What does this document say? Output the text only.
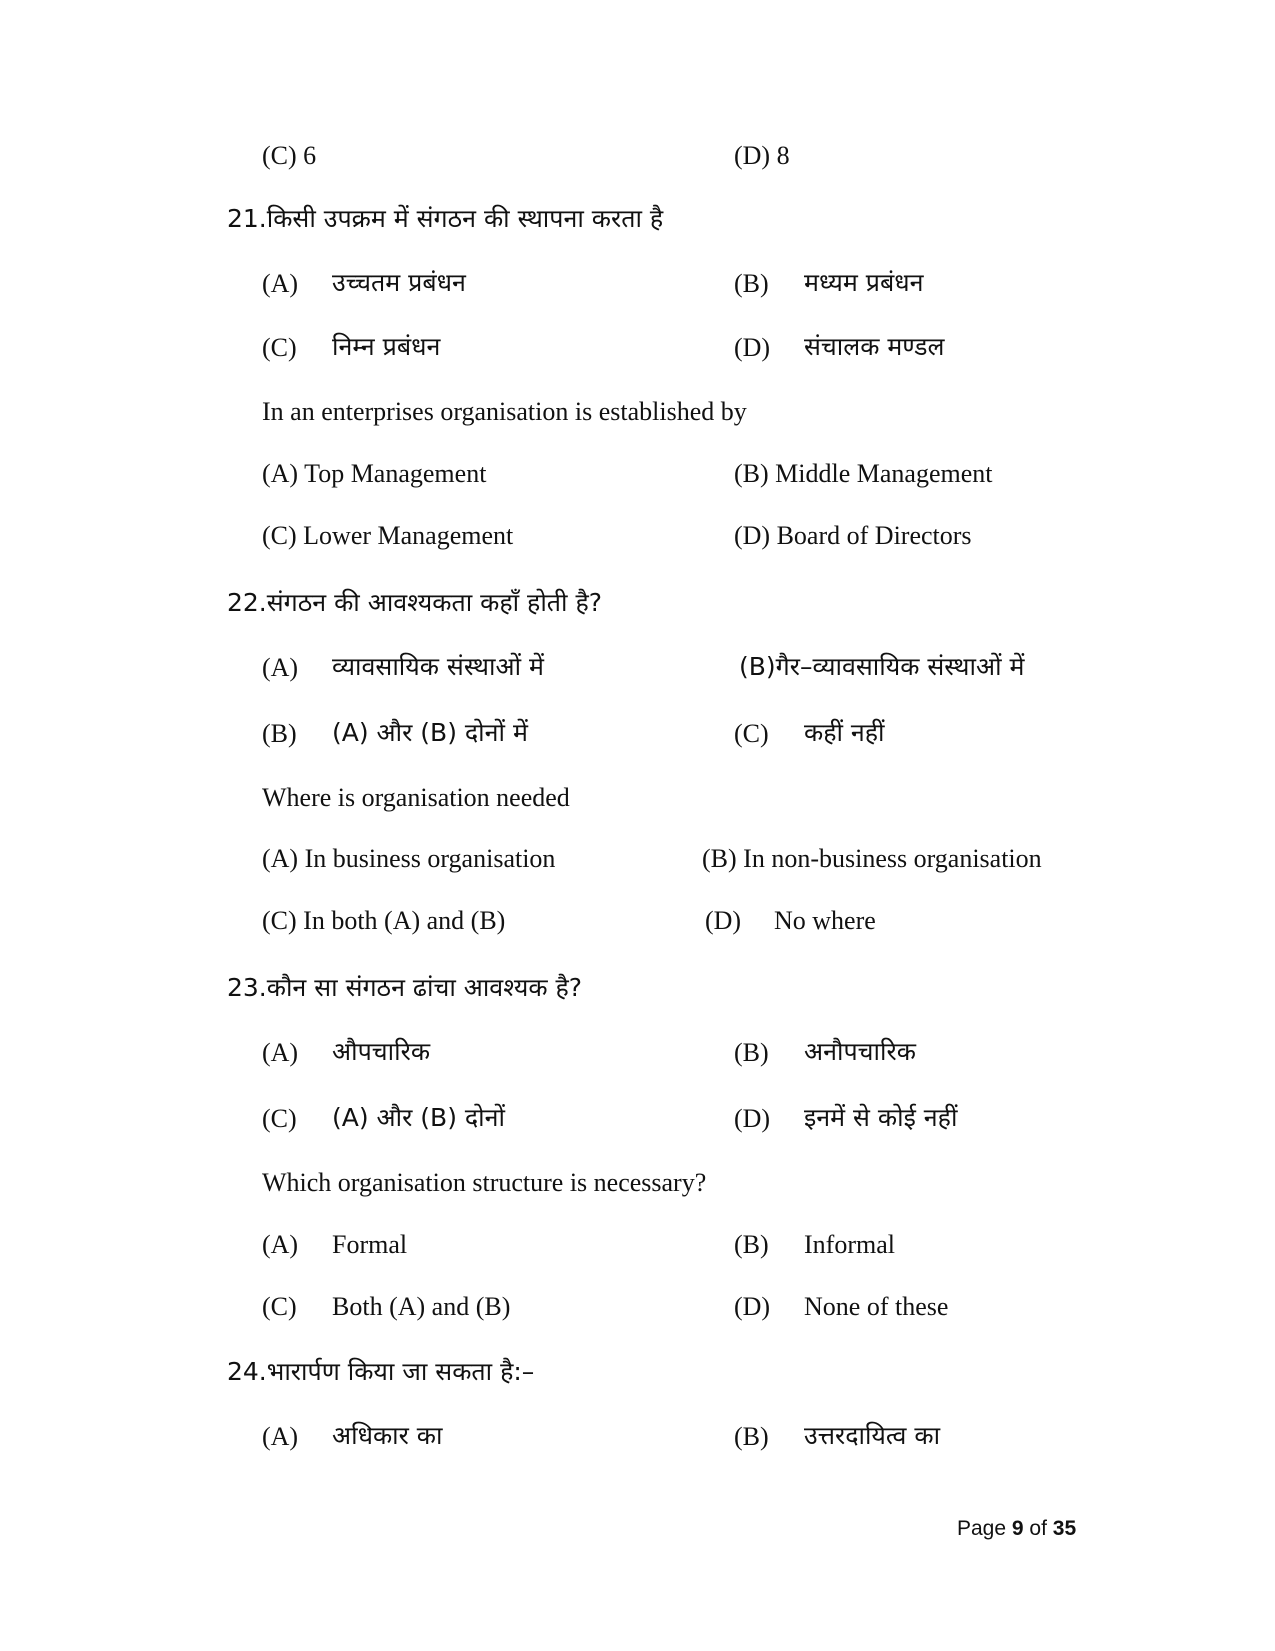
(C) 6	(D) 8
21.किसी उपक्रम में संगठन की स्थापना करता है
(A) उच्चतम प्रबंधन	(B) मध्यम प्रबंधन
(C) निम्न प्रबंधन	(D) संचालक मण्डल
In an enterprises organisation is established by
(A) Top Management	(B) Middle Management
(C) Lower Management	(D) Board of Directors
22.संगठन की आवश्यकता कहाँ होती है?
(A) व्यावसायिक संस्थाओं में	(B)गैर–व्यावसायिक संस्थाओं में
(B) (A) और (B) दोनों में	(C) कहीं नहीं
Where is organisation needed
(A) In business organisation	(B) In non-business organisation
(C) In both (A) and (B)	(D) No where
23.कौन सा संगठन ढांचा आवश्यक है?
(A) औपचारिक	(B) अनौपचारिक
(C) (A) और (B) दोनों	(D) इनमें से कोई नहीं
Which organisation structure is necessary?
(A) Formal	(B) Informal
(C) Both (A) and (B)	(D) None of these
24.भारार्पण किया जा सकता है:–
(A) अधिकार का	(B) उत्तरदायित्व का
Page 9 of 35
